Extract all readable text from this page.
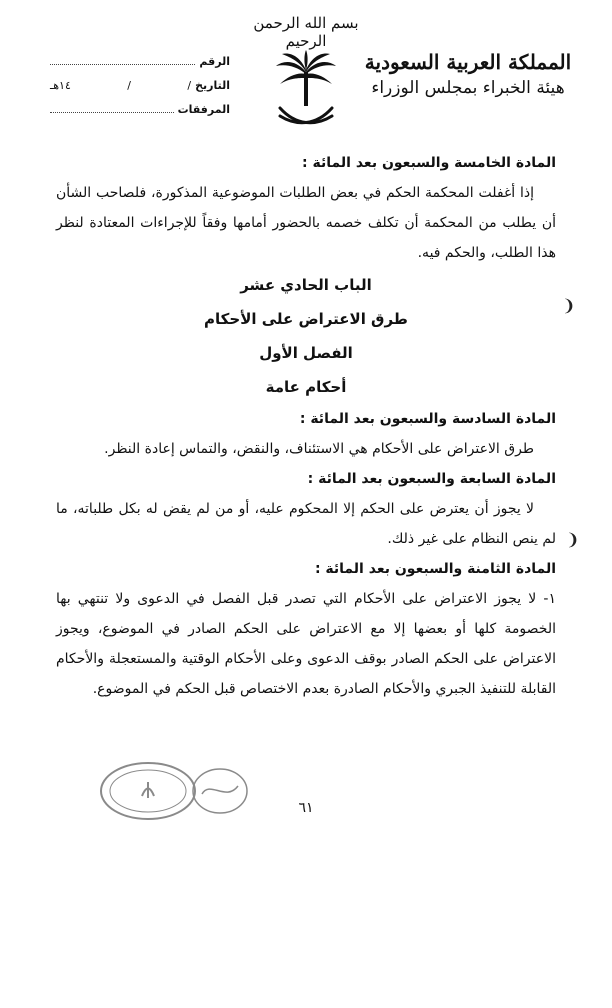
بسم الله الرحمن الرحيم
المملكة العربية السعودية
هيئة الخبراء بمجلس الوزراء
الرقم
التاريخ
/
/
١٤هـ
المرفقات
المادة الخامسة والسبعون بعد المائة :
إذا أغفلت المحكمة الحكم في بعض الطلبات الموضوعية المذكورة، فلصاحب الشأن أن يطلب من المحكمة أن تكلف خصمه بالحضور أمامها وفقاً للإجراءات المعتادة لنظر هذا الطلب، والحكم فيه.
الباب الحادي عشر
طرق الاعتراض على الأحكام
الفصل الأول
أحكام عامة
المادة السادسة والسبعون بعد المائة :
طرق الاعتراض على الأحكام هي الاستئناف، والنقض، والتماس إعادة النظر.
المادة السابعة والسبعون بعد المائة :
لا يجوز أن يعترض على الحكم إلا المحكوم عليه، أو من لم يقض له بكل طلباته، ما لم ينص النظام على غير ذلك.
المادة الثامنة والسبعون بعد المائة :
١- لا يجوز الاعتراض على الأحكام التي تصدر قبل الفصل في الدعوى ولا تنتهي بها الخصومة كلها أو بعضها إلا مع الاعتراض على الحكم الصادر في الموضوع، ويجوز الاعتراض على الحكم الصادر بوقف الدعوى وعلى الأحكام الوقتية والمستعجلة والأحكام القابلة للتنفيذ الجبري والأحكام الصادرة بعدم الاختصاص قبل الحكم في الموضوع.
٦١
❨
❨
